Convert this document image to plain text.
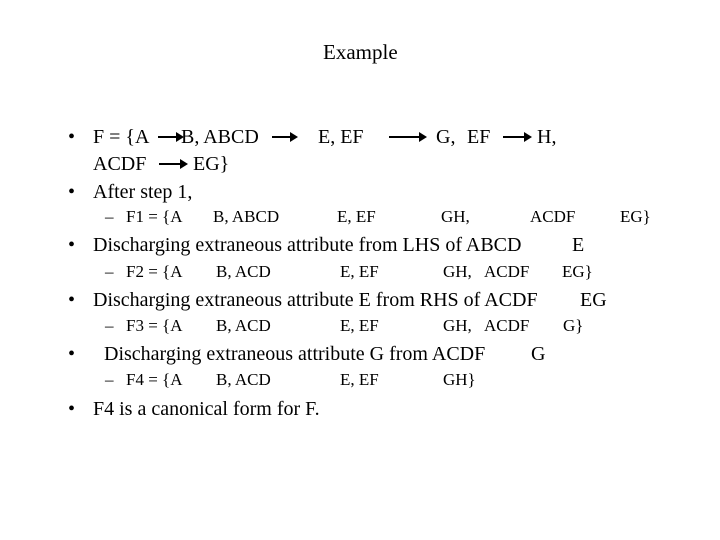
Example
• F = {A B, ABCD	E, EF	G, EF H,
ACDF EG}
• After step 1,
– F1 = {A B, ABCD	E, EF	GH,	ACDF	EG}
• Discharging extraneous attribute from LHS of ABCD	E
– F2 = {A B, ACD	E, EF	GH, ACDF EG}
• Discharging extraneous attribute E from RHS of ACDF EG
– F3 = {A B, ACD	E, EF	GH, ACDF G}
• Discharging extraneous attribute G from ACDF G
– F4 = {A B, ACD	E, EF	GH}
• F4 is a canonical form for F.
